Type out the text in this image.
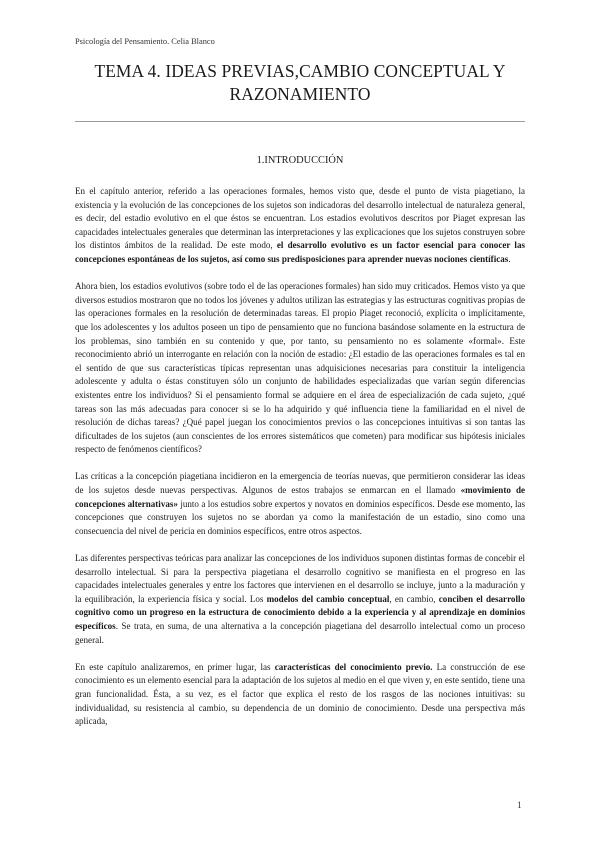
Psicología del Pensamiento. Celia Blanco
TEMA 4. IDEAS PREVIAS,CAMBIO CONCEPTUAL Y
RAZONAMIENTO
1.INTRODUCCIÓN

En el capítulo anterior, referido a las operaciones formales, hemos visto que, desde el punto de vista piagetiano, la existencia y la evolución de las concepciones de los sujetos son indicadoras del desarrollo intelectual de naturaleza general, es decir, del estadio evolutivo en el que éstos se encuentran. Los estadios evolutivos descritos por Piaget expresan las capacidades intelectuales generales que determinan las interpretaciones y las explicaciones que los sujetos construyen sobre los distintos ámbitos de la realidad. De este modo, el desarrollo evolutivo es un factor esencial para conocer las concepciones espontáneas de los sujetos, así como sus predisposiciones para aprender nuevas nociones científicas.

Ahora bien, los estadios evolutivos (sobre todo el de las operaciones formales) han sido muy criticados. Hemos visto ya que diversos estudios mostraron que no todos los jóvenes y adultos utilizan las estrategias y las estructuras cognitivas propias de las operaciones formales en la resolución de determinadas tareas. El propio Piaget reconoció, explícita o implícitamente, que los adolescentes y los adultos poseen un tipo de pensamiento que no funciona basándose solamente en la estructura de los problemas, sino también en su contenido y que, por tanto, su pensamiento no es solamente «formal». Este reconocimiento abrió un interrogante en relación con la noción de estadio: ¿El estadio de las operaciones formales es tal en el sentido de que sus características típicas representan unas adquisiciones necesarias para constituir la inteligencia adolescente y adulta o éstas constituyen sólo un conjunto de habilidades especializadas que varían según diferencias existentes entre los individuos? Si el pensamiento formal se adquiere en el área de especialización de cada sujeto, ¿qué tareas son las más adecuadas para conocer si se lo ha adquirido y qué influencia tiene la familiaridad en el nivel de resolución de dichas tareas? ¿Qué papel juegan los conocimientos previos o las concepciones intuitivas si son tantas las dificultades de los sujetos (aun conscientes de los errores sistemáticos que cometen) para modificar sus hipótesis iniciales respecto de fenómenos científicos?

Las críticas a la concepción piagetiana incidieron en la emergencia de teorías nuevas, que permitieron considerar las ideas de los sujetos desde nuevas perspectivas. Algunos de estos trabajos se enmarcan en el llamado «movimiento de concepciones alternativas» junto a los estudios sobre expertos y novatos en dominios específicos. Desde ese momento, las concepciones que construyen los sujetos no se abordan ya como la manifestación de un estadio, sino como una consecuencia del nivel de pericia en dominios específicos, entre otros aspectos.

Las diferentes perspectivas teóricas para analizar las concepciones de los individuos suponen distintas formas de concebir el desarrollo intelectual. Si para la perspectiva piagetiana el desarrollo cognitivo se manifiesta en el progreso en las capacidades intelectuales generales y entre los factores que intervienen en el desarrollo se incluye, junto a la maduración y la equilibración, la experiencia física y social. Los modelos del cambio conceptual, en cambio, conciben el desarrollo cognitivo como un progreso en la estructura de conocimiento debido a la experiencia y al aprendizaje en dominios específicos. Se trata, en suma, de una alternativa a la concepción piagetiana del desarrollo intelectual como un proceso general.

En este capítulo analizaremos, en primer lugar, las características del conocimiento previo. La construcción de ese conocimiento es un elemento esencial para la adaptación de los sujetos al medio en el que viven y, en este sentido, tiene una gran funcionalidad. Ésta, a su vez, es el factor que explica el resto de los rasgos de las nociones intuitivas: su individualidad, su resistencia al cambio, su dependencia de un dominio de conocimiento. Desde una perspectiva más aplicada,

1
